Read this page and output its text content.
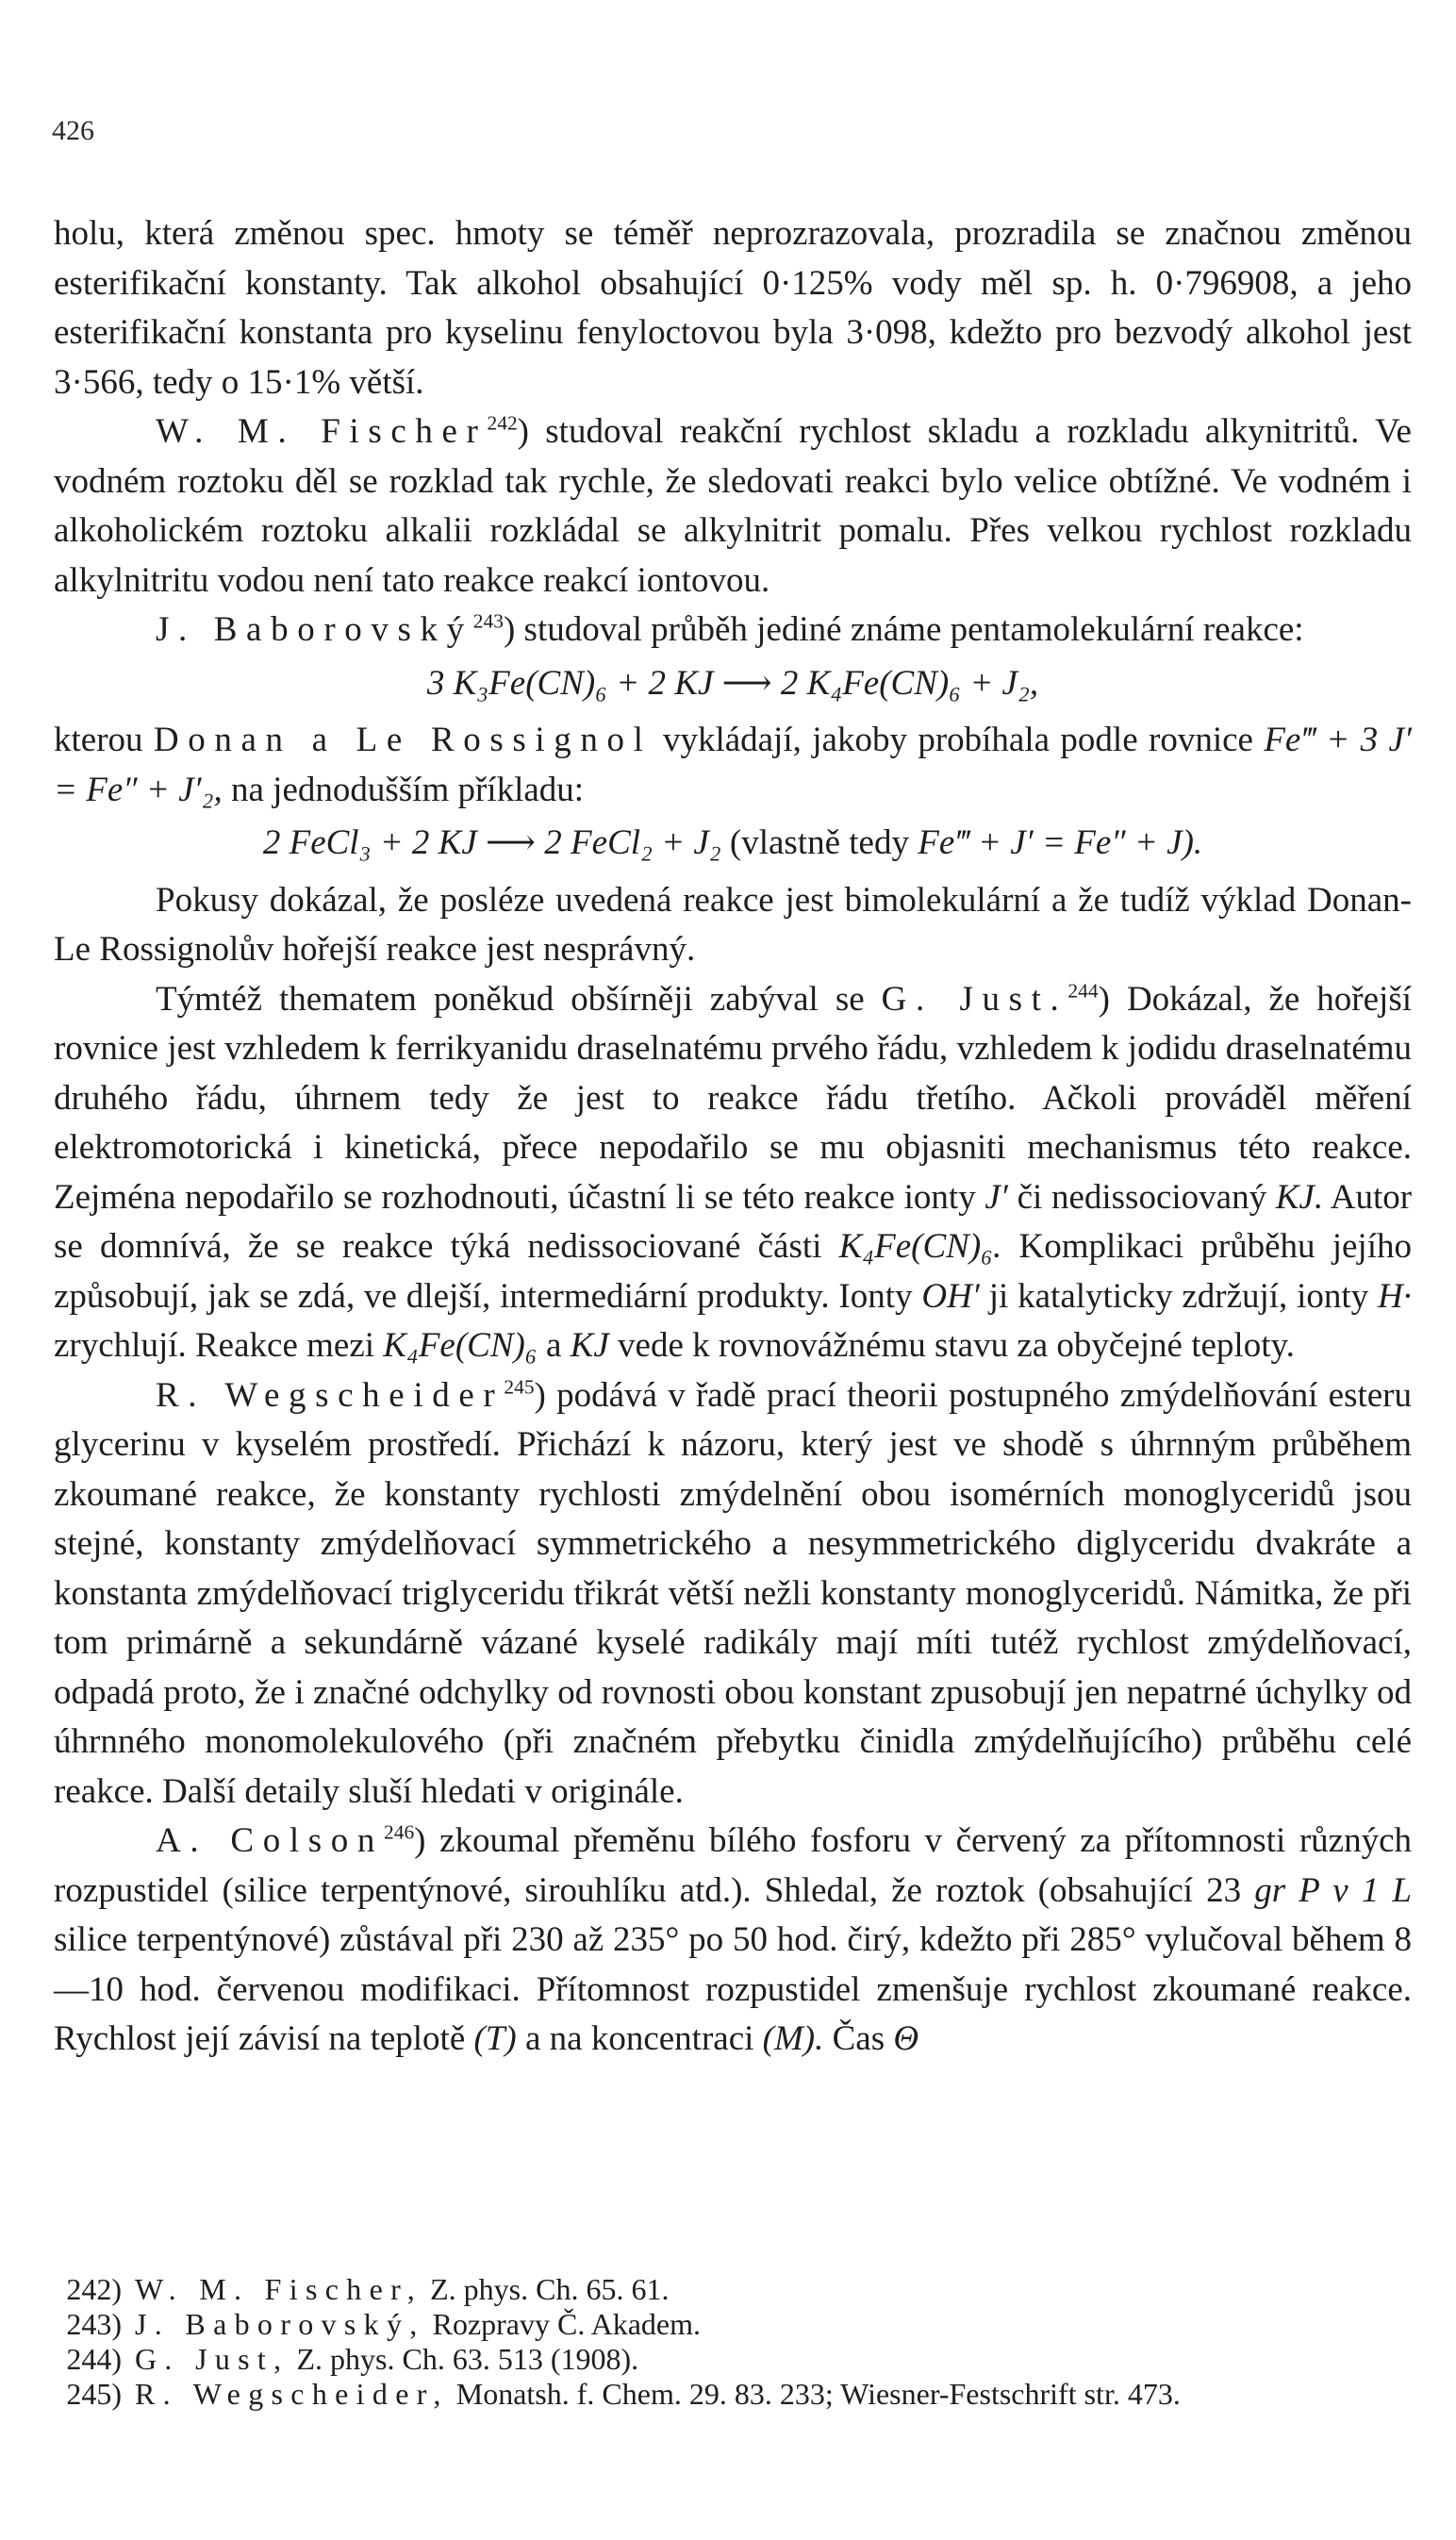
426

holu, která změnou spec. hmoty se téměř neprozrazovala, prozradila se značnou změnou esterifikační konstanty. Tak alkohol obsahující 0·125% vody měl sp. h. 0·796908, a jeho esterifikační konstanta pro kyselinu fenyloctovou byla 3·098, kdežto pro bezvodý alkohol jest 3·566, tedy o 15·1% větší.

W. M. Fischer$^{242}$) studoval reakční rychlost skladu a rozkladu alkynitritů. Ve vodném roztoku děl se rozklad tak rychle, že sledovati reakci bylo velice obtížné. Ve vodném i alkoholickém roztoku alkalii rozkládal se alkylnitrit pomalu. Přes velkou rychlost rozkladu alkylnitritu vodou není tato reakce reakcí iontovou.

J. Baborovský$^{243}$) studoval průběh jediné známe pentamolekulární reakce:

3 K₃Fe(CN)₆ + 2 KJ ⟶ 2 K₄Fe(CN)₆ + J₂,

kterou Donan a Le Rossignol vykládají, jakoby probíhala podle rovnice Fe‴ + 3 J′ = Fe″ + J′₂, na jednodušším příkladu:

2 FeCl₃ + 2 KJ ⟶ 2 FeCl₂ + J₂ (vlastně tedy Fe‴ + J′ = Fe″ + J).

Pokusy dokázal, že posléze uvedená reakce jest bimolekulární a že tudíž výklad Donan-Le Rossignolův hořejší reakce jest nesprávný.

Týmtéž thematem poněkud obšírněji zabýval se G. Just.$^{244}$) Dokázal, že hořejší rovnice jest vzhledem k ferrikyanidu draselnatému prvého řádu, vzhledem k jodidu draselnatému druhého řádu, úhrnem tedy že jest to reakce řádu třetího. Ačkoli prováděl měření elektromotorická i kinetická, přece nepodařilo se mu objasniti mechanismus této reakce. Zejména nepodařilo se rozhodnouti, účastní li se této reakce ionty J′ či nedissociovaný KJ. Autor se domnívá, že se reakce týká nedissociované části K₄Fe(CN)₆. Komplikaci průběhu jejího způsobují, jak se zdá, ve dlejší, intermediární produkty. Ionty OH′ ji katalyticky zdržují, ionty H· zrychlují. Reakce mezi K₄Fe(CN)₆ a KJ vede k rovnovážnému stavu za obyčejné teploty.

R. Wegscheider$^{245}$) podává v řadě prací theorii postupného zmýdelňování esteru glycerinu v kyselém prostředí. Přichází k názoru, který jest ve shodě s úhrnným průběhem zkoumané reakce, že konstanty rychlosti zmýdelnění obou isomérních monoglyceridů jsou stejné, konstanty zmýdelňovací symmetrického a nesymmetrického diglyceridu dvakráte a konstanta zmýdelňovací triglyceridu třikrát větší nežli konstanty monoglyceridů. Námitka, že při tom primárně a sekundárně vázané kyselé radikály mají míti tutéž rychlost zmýdelňovací, odpadá proto, že i značné odchylky od rovnosti obou konstant zpusobují jen nepatrné úchylky od úhrnného monomolekulového (při značném přebytku činidla zmýdelňujícího) průběhu celé reakce. Další detaily sluší hledati v originále.

A. Colson$^{246}$) zkoumal přeměnu bílého fosforu v červený za přítomnosti různých rozpustidel (silice terpentýnové, sirouhlíku atd.). Shledal, že roztok (obsahující 23 gr P v 1 L silice terpentýnové) zůstával při 230 až 235° po 50 hod. čirý, kdežto při 285° vylučoval během 8—10 hod. červenou modifikaci. Přítomnost rozpustidel zmenšuje rychlost zkoumané reakce. Rychlost její závisí na teplotě (T) a na koncentraci (M). Čas Θ

242) W. M. Fischer, Z. phys. Ch. 65. 61.

243) J. Baborovský, Rozpravy Č. Akadem.

244) G. Just, Z. phys. Ch. 63. 513 (1908).

245) R. Wegscheider, Monatsh. f. Chem. 29. 83. 233; Wiesner-Festschrift str. 473.
